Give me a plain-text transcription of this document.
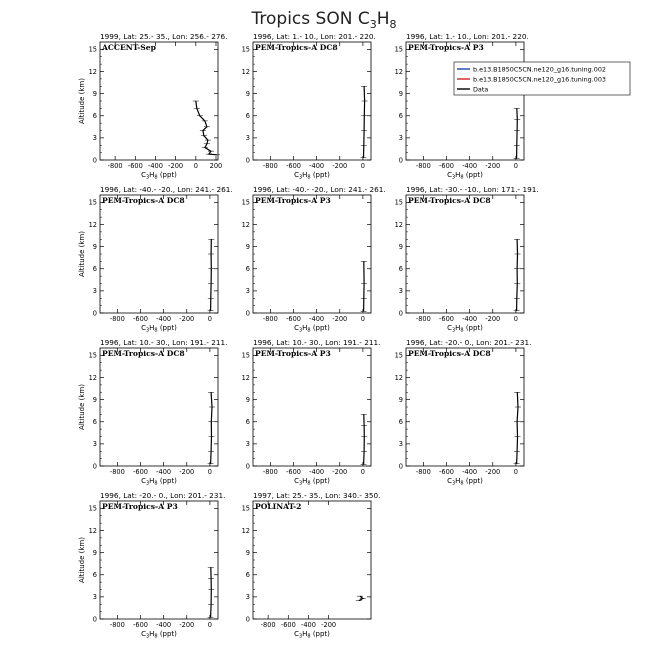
Tropics SON $C_3H_8$
1999, Lat: 25.- 35., Lon: 256.- 276.
ACCENT-Sep
0
3
6
9
12
15
-800 -600 -400 -200 0 200
$C_3H_8$ (ppt)
Altitude (km)
1996, Lat: 1.- 10., Lon: 201.- 220.
PEM-Tropics-A DC8
0
3
6
9
12
15
-800 -600 -400 -200 0
$C_3H_8$ (ppt)
1996, Lat: 1.- 10., Lon: 201.- 220.
PEM-Tropics-A P3
0
3
6
9
12
15
-800 -600 -400 -200 0
$C_3H_8$ (ppt)
b.e13.B1850C5CN.ne120_g16.tuning.002
b.e13.B1850C5CN.ne120_g16.tuning.003
Data
1996, Lat: -40.- -20., Lon: 241.- 261.
PEM-Tropics-A DC8
0
3
6
9
12
15
-800 -600 -400 -200 0
$C_3H_8$ (ppt)
Altitude (km)
1996, Lat: -40.- -20., Lon: 241.- 261.
PEM-Tropics-A P3
0
3
6
9
12
15
-800 -600 -400 -200 0
$C_3H_8$ (ppt)
1996, Lat: -30.- -10., Lon: 171.- 191.
PEM-Tropics-A DC8
0
3
6
9
12
15
-800 -600 -400 -200 0
$C_3H_8$ (ppt)
1996, Lat: 10.- 30., Lon: 191.- 211.
PEM-Tropics-A DC8
0
3
6
9
12
15
-800 -600 -400 -200 0
$C_3H_8$ (ppt)
Altitude (km)
1996, Lat: 10.- 30., Lon: 191.- 211.
PEM-Tropics-A P3
0
3
6
9
12
15
-800 -600 -400 -200 0
$C_3H_8$ (ppt)
1996, Lat: -20.- 0., Lon: 201.- 231.
PEM-Tropics-A DC8
0
3
6
9
12
15
-800 -600 -400 -200 0
$C_3H_8$ (ppt)
1996, Lat: -20.- 0., Lon: 201.- 231.
PEM-Tropics-A P3
0
3
6
9
12
15
-800 -600 -400 -200 0
$C_3H_8$ (ppt)
Altitude (km)
1997, Lat: 25.- 35., Lon: 340.- 350.
POLINAT-2
0
3
6
9
12
15
-800 -600 -400 -200
$C_3H_8$ (ppt)
